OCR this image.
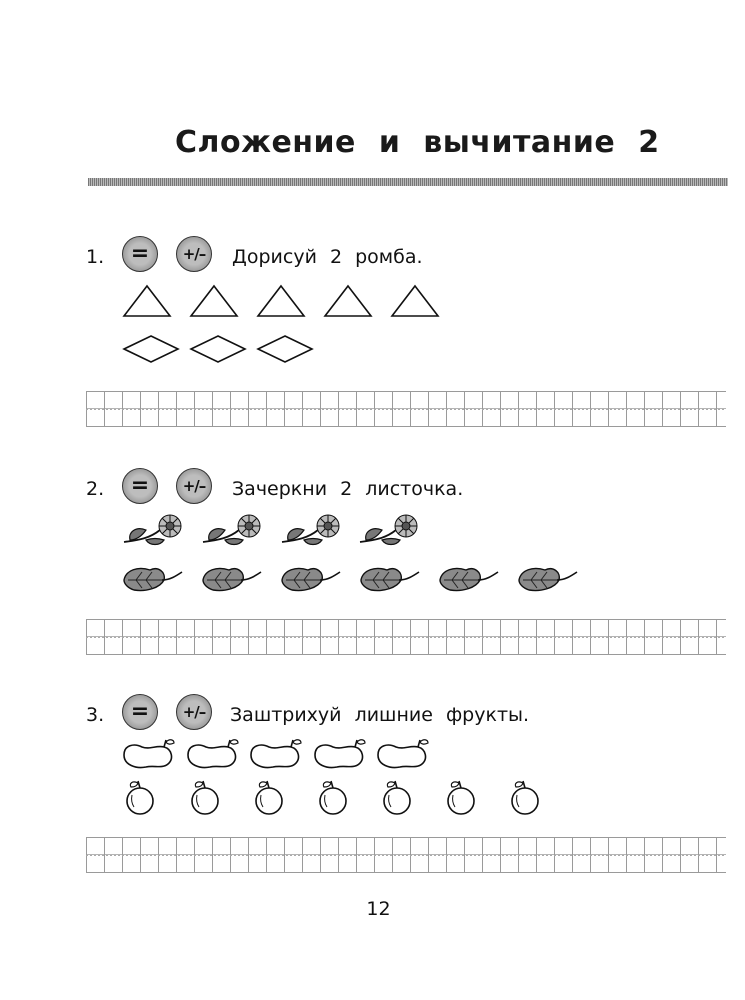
Сложение и вычитание 2
1. = +/– Дорисуй 2 ромба.
2. = +/– Зачеркни 2 листочка.
3. = +/– Заштрихуй лишние фрукты.
12
